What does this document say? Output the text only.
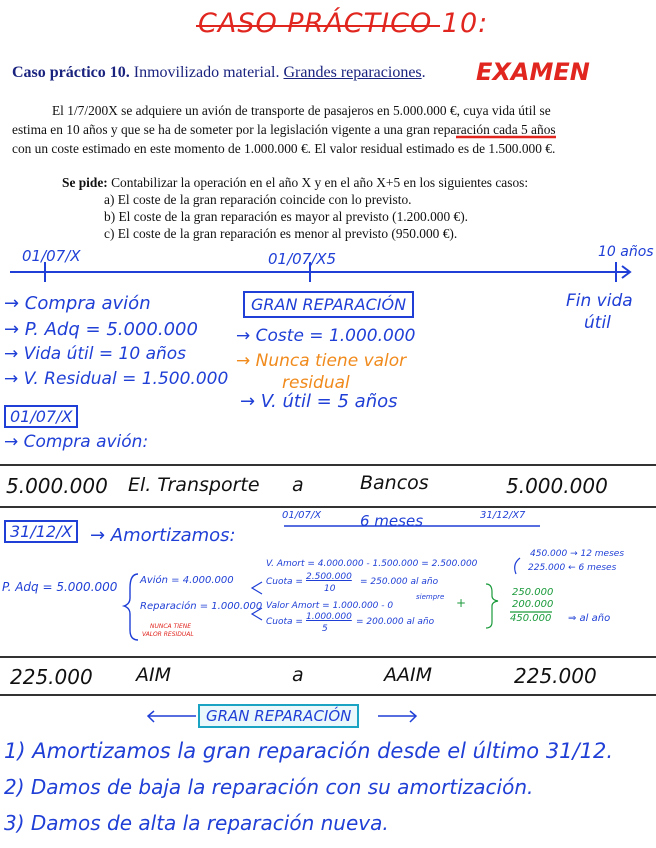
CASO PRÁCTICO 10:
Caso práctico 10. Inmovilizado material. Grandes reparaciones. EXAMEN
El 1/7/200X se adquiere un avión de transporte de pasajeros en 5.000.000 €, cuya vida útil se
estima en 10 años y que se ha de someter por la legislación vigente a una gran reparación cada 5 años
con un coste estimado en este momento de 1.000.000 €. El valor residual estimado es de 1.500.000 €.
Se pide: Contabilizar la operación en el año X y en el año X+5 en los siguientes casos:
a) El coste de la gran reparación coincide con lo previsto.
b) El coste de la gran reparación es mayor al previsto (1.200.000 €).
c) El coste de la gran reparación es menor al previsto (950.000 €).
01/07/X	01/07/X5	10 años
→ Compra avión
→ P. Adq = 5.000.000
→ Vida útil = 10 años
→ V. Residual = 1.500.000
GRAN REPARACIÓN
→ Coste = 1.000.000
→ Nunca tiene valor
residual
→ V. útil = 5 años
Fin vida
útil
01/07/X
→ Compra avión:
5.000.000 El. Transporte a	Bancos	5.000.000
31/12/X → Amortizamos:
01/07/X	6 meses	31/12/X7
P. Adq = 5.000.000 Avión = 4.000.000
Reparación = 1.000.000
NUNCA TIENE
VALOR RESIDUAL
V. Amort = 4.000.000 - 1.500.000 = 2.500.000
Cuota = 2.500.000
10
= 250.000 al año
Valor Amort = 1.000.000 - 0
siempre
Cuota = 1.000.000
5
= 200.000 al año
+
250.000
200.000
450.000 ⇒ al año
450.000 → 12 meses
225.000 ← 6 meses
225.000 AIM	a	AAIM	225.000
GRAN REPARACIÓN
1) Amortizamos la gran reparación desde el último 31/12.
2) Damos de baja la reparación con su amortización.
3) Damos de alta la reparación nueva.
